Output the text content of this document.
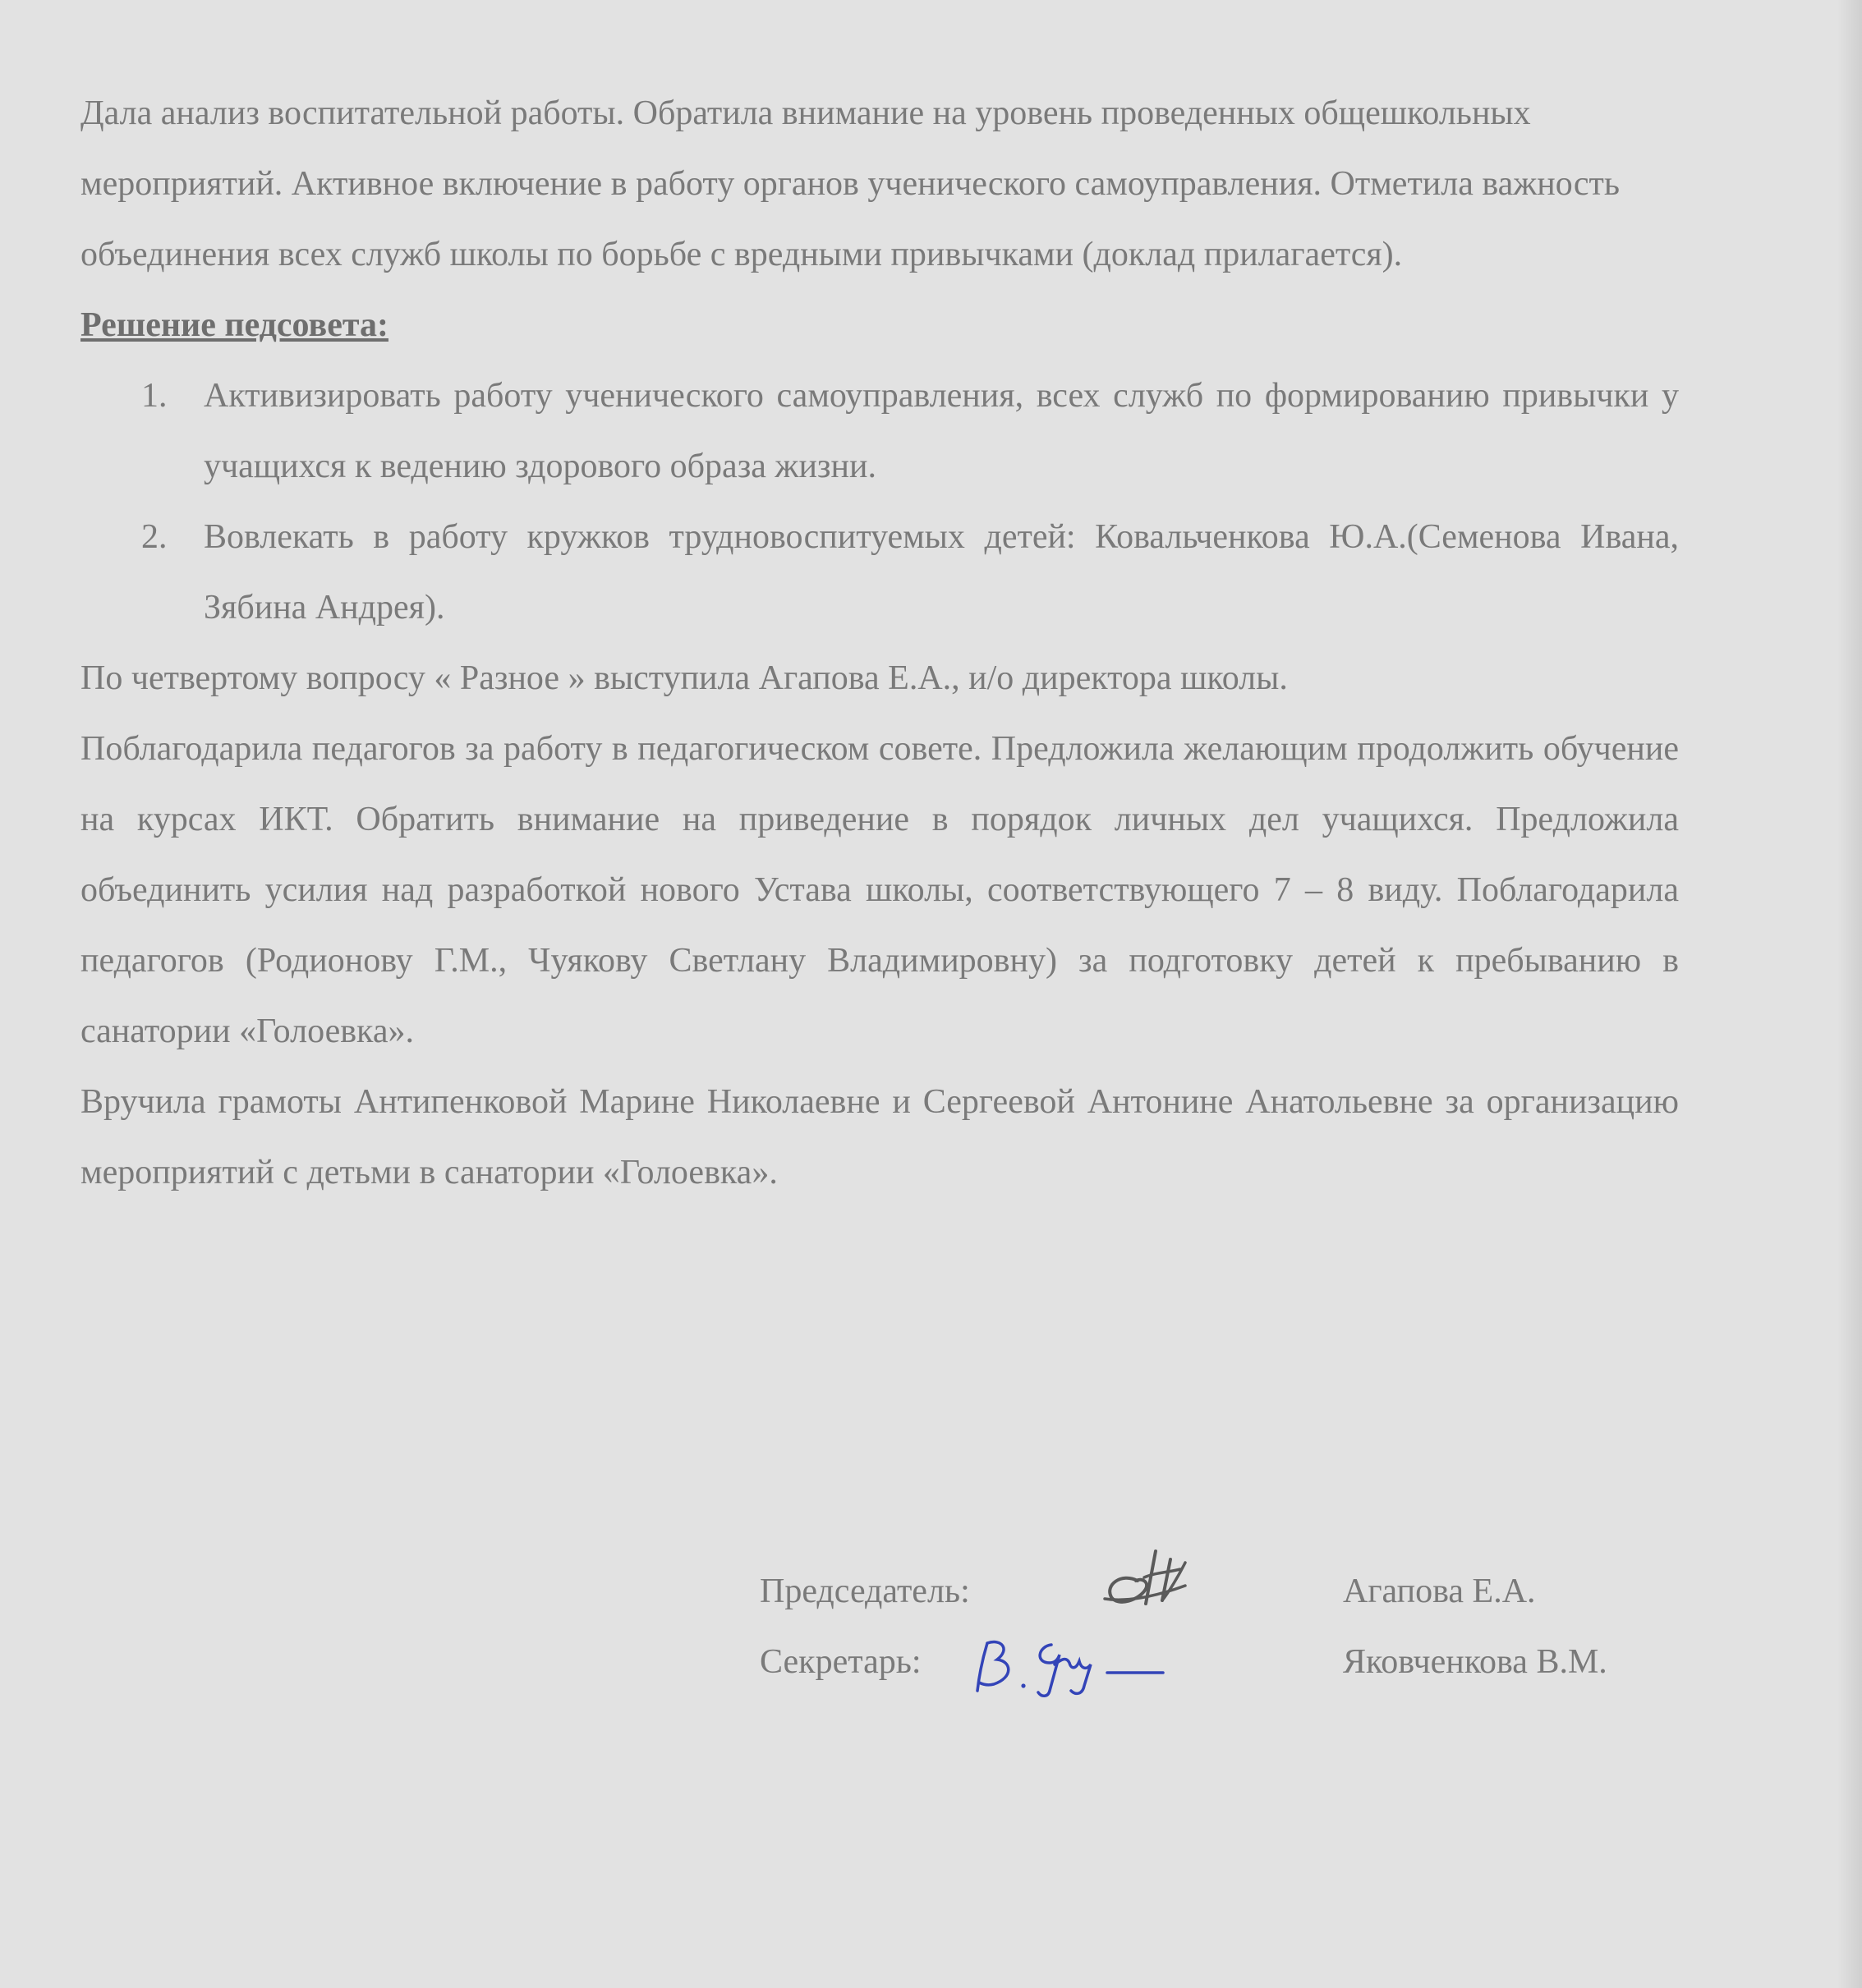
Дала анализ воспитательной работы. Обратила внимание на уровень проведенных общешкольных мероприятий. Активное включение в работу органов ученического самоуправления. Отметила важность объединения всех служб школы по борьбе с вредными привычками (доклад прилагается).

Решение педсовета:

1. Активизировать работу ученического самоуправления, всех служб по формированию привычки у учащихся к ведению здорового образа жизни.
2. Вовлекать в работу кружков трудновоспитуемых детей: Ковальченкова Ю.А.(Семенова Ивана, Зябина Андрея).

По четвертому вопросу « Разное » выступила Агапова Е.А., и/о директора школы.

Поблагодарила педагогов за работу в педагогическом совете. Предложила желающим продолжить обучение на курсах ИКТ. Обратить внимание на приведение в порядок личных дел учащихся. Предложила объединить усилия над разработкой нового Устава школы, соответствующего 7 – 8 виду. Поблагодарила педагогов (Родионову Г.М., Чуякову Светлану Владимировну) за подготовку детей к пребыванию в санатории «Голоевка».

Вручила грамоты Антипенковой Марине Николаевне и Сергеевой Антонине Анатольевне за организацию мероприятий с детьми в санатории «Голоевка».

Председатель:	Агапова Е.А.
Секретарь:	Яковченкова В.М.
